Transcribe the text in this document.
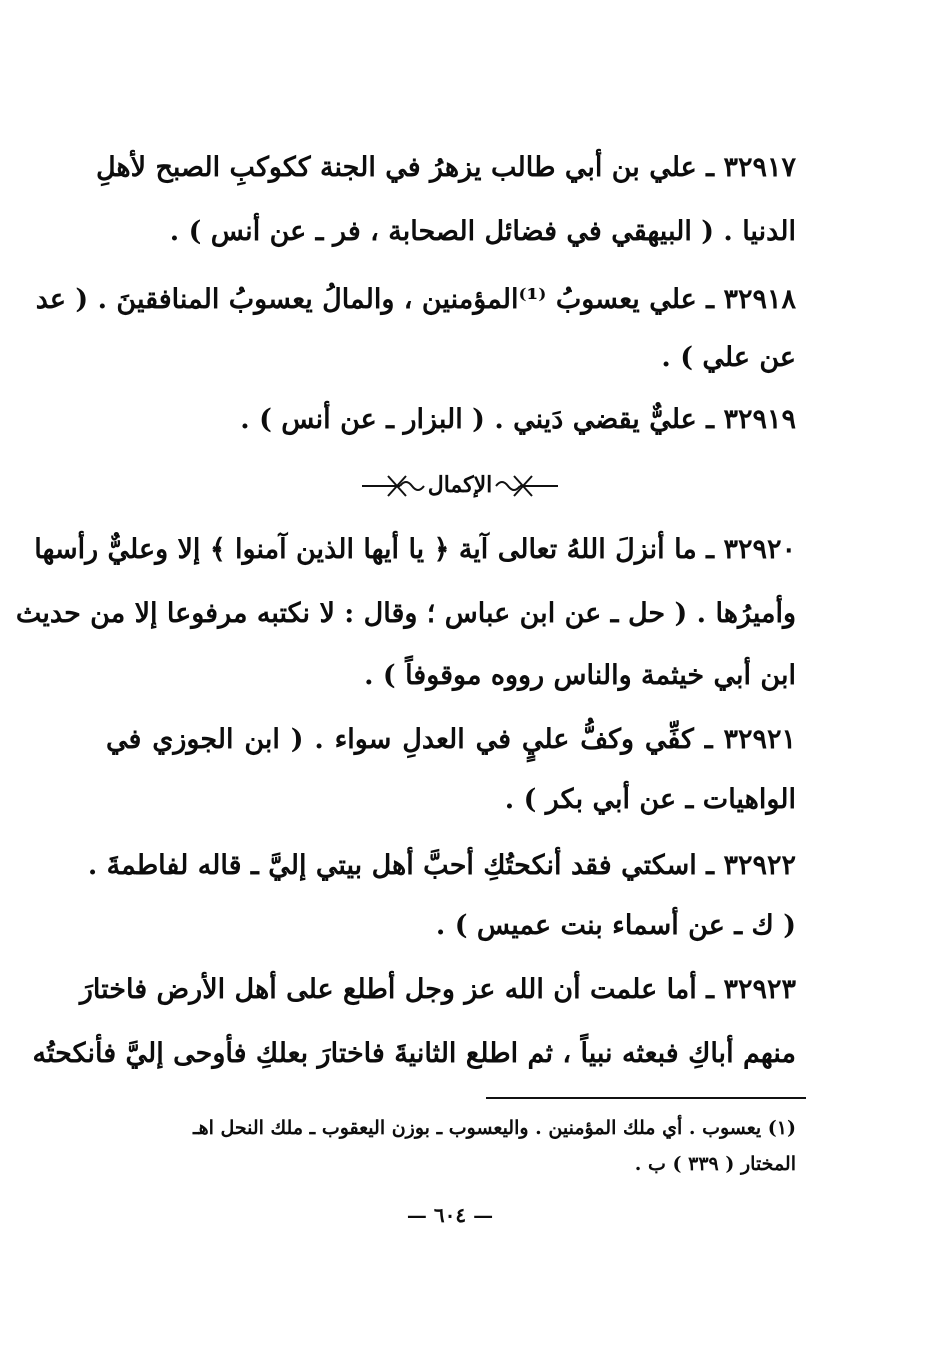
٣٢٩١٧ ـ علي بن أبي طالب يزهرُ في الجنة ككوكبِ الصبح لأهلِ
الدنيا . ( البيهقي في فضائل الصحابة ، فر ـ عن أنس ) .
٣٢٩١٨ ـ علي يعسوبُ ⁽¹⁾المؤمنين ، والمالُ يعسوبُ المنافقينَ . ( عد
عن علي ) .
٣٢٩١٩ ـ عليٌّ يقضي دَيني . ( البزار ـ عن أنس ) .
الإكمال
٣٢٩٢٠ ـ ما أنزلَ اللهُ تعالى آية ﴿ يا أيها الذين آمنوا ﴾ إلا وعليٌّ رأسها
وأميرُها . ( حل ـ عن ابن عباس ؛ وقال : لا نكتبه مرفوعا إلا من حديث
ابن أبي خيثمة والناس رووه موقوفاً ) .
٣٢٩٢١ ـ كفِّي وكفُّ عليٍ في العدلِ سواء . ( ابن الجوزي في
الواهيات ـ عن أبي بكر ) .
٣٢٩٢٢ ـ اسكتي فقد أنكحتُكِ أحبَّ أهل بيتي إليَّ ـ قاله لفاطمةَ .
( ك ـ عن أسماء بنت عميس ) .
٣٢٩٢٣ ـ أما علمت أن الله عز وجل أطلع على أهل الأرض فاختارَ
منهم أباكِ فبعثه نبياً ، ثم اطلع الثانيةَ فاختارَ بعلكِ فأوحى إليَّ فأنكحتُه
(١) يعسوب . أي ملك المؤمنين . واليعسوب ـ بوزن اليعقوب ـ ملك النحل اهـ
المختار ( ٣٣٩ ) ب .
— ٦٠٤ —
